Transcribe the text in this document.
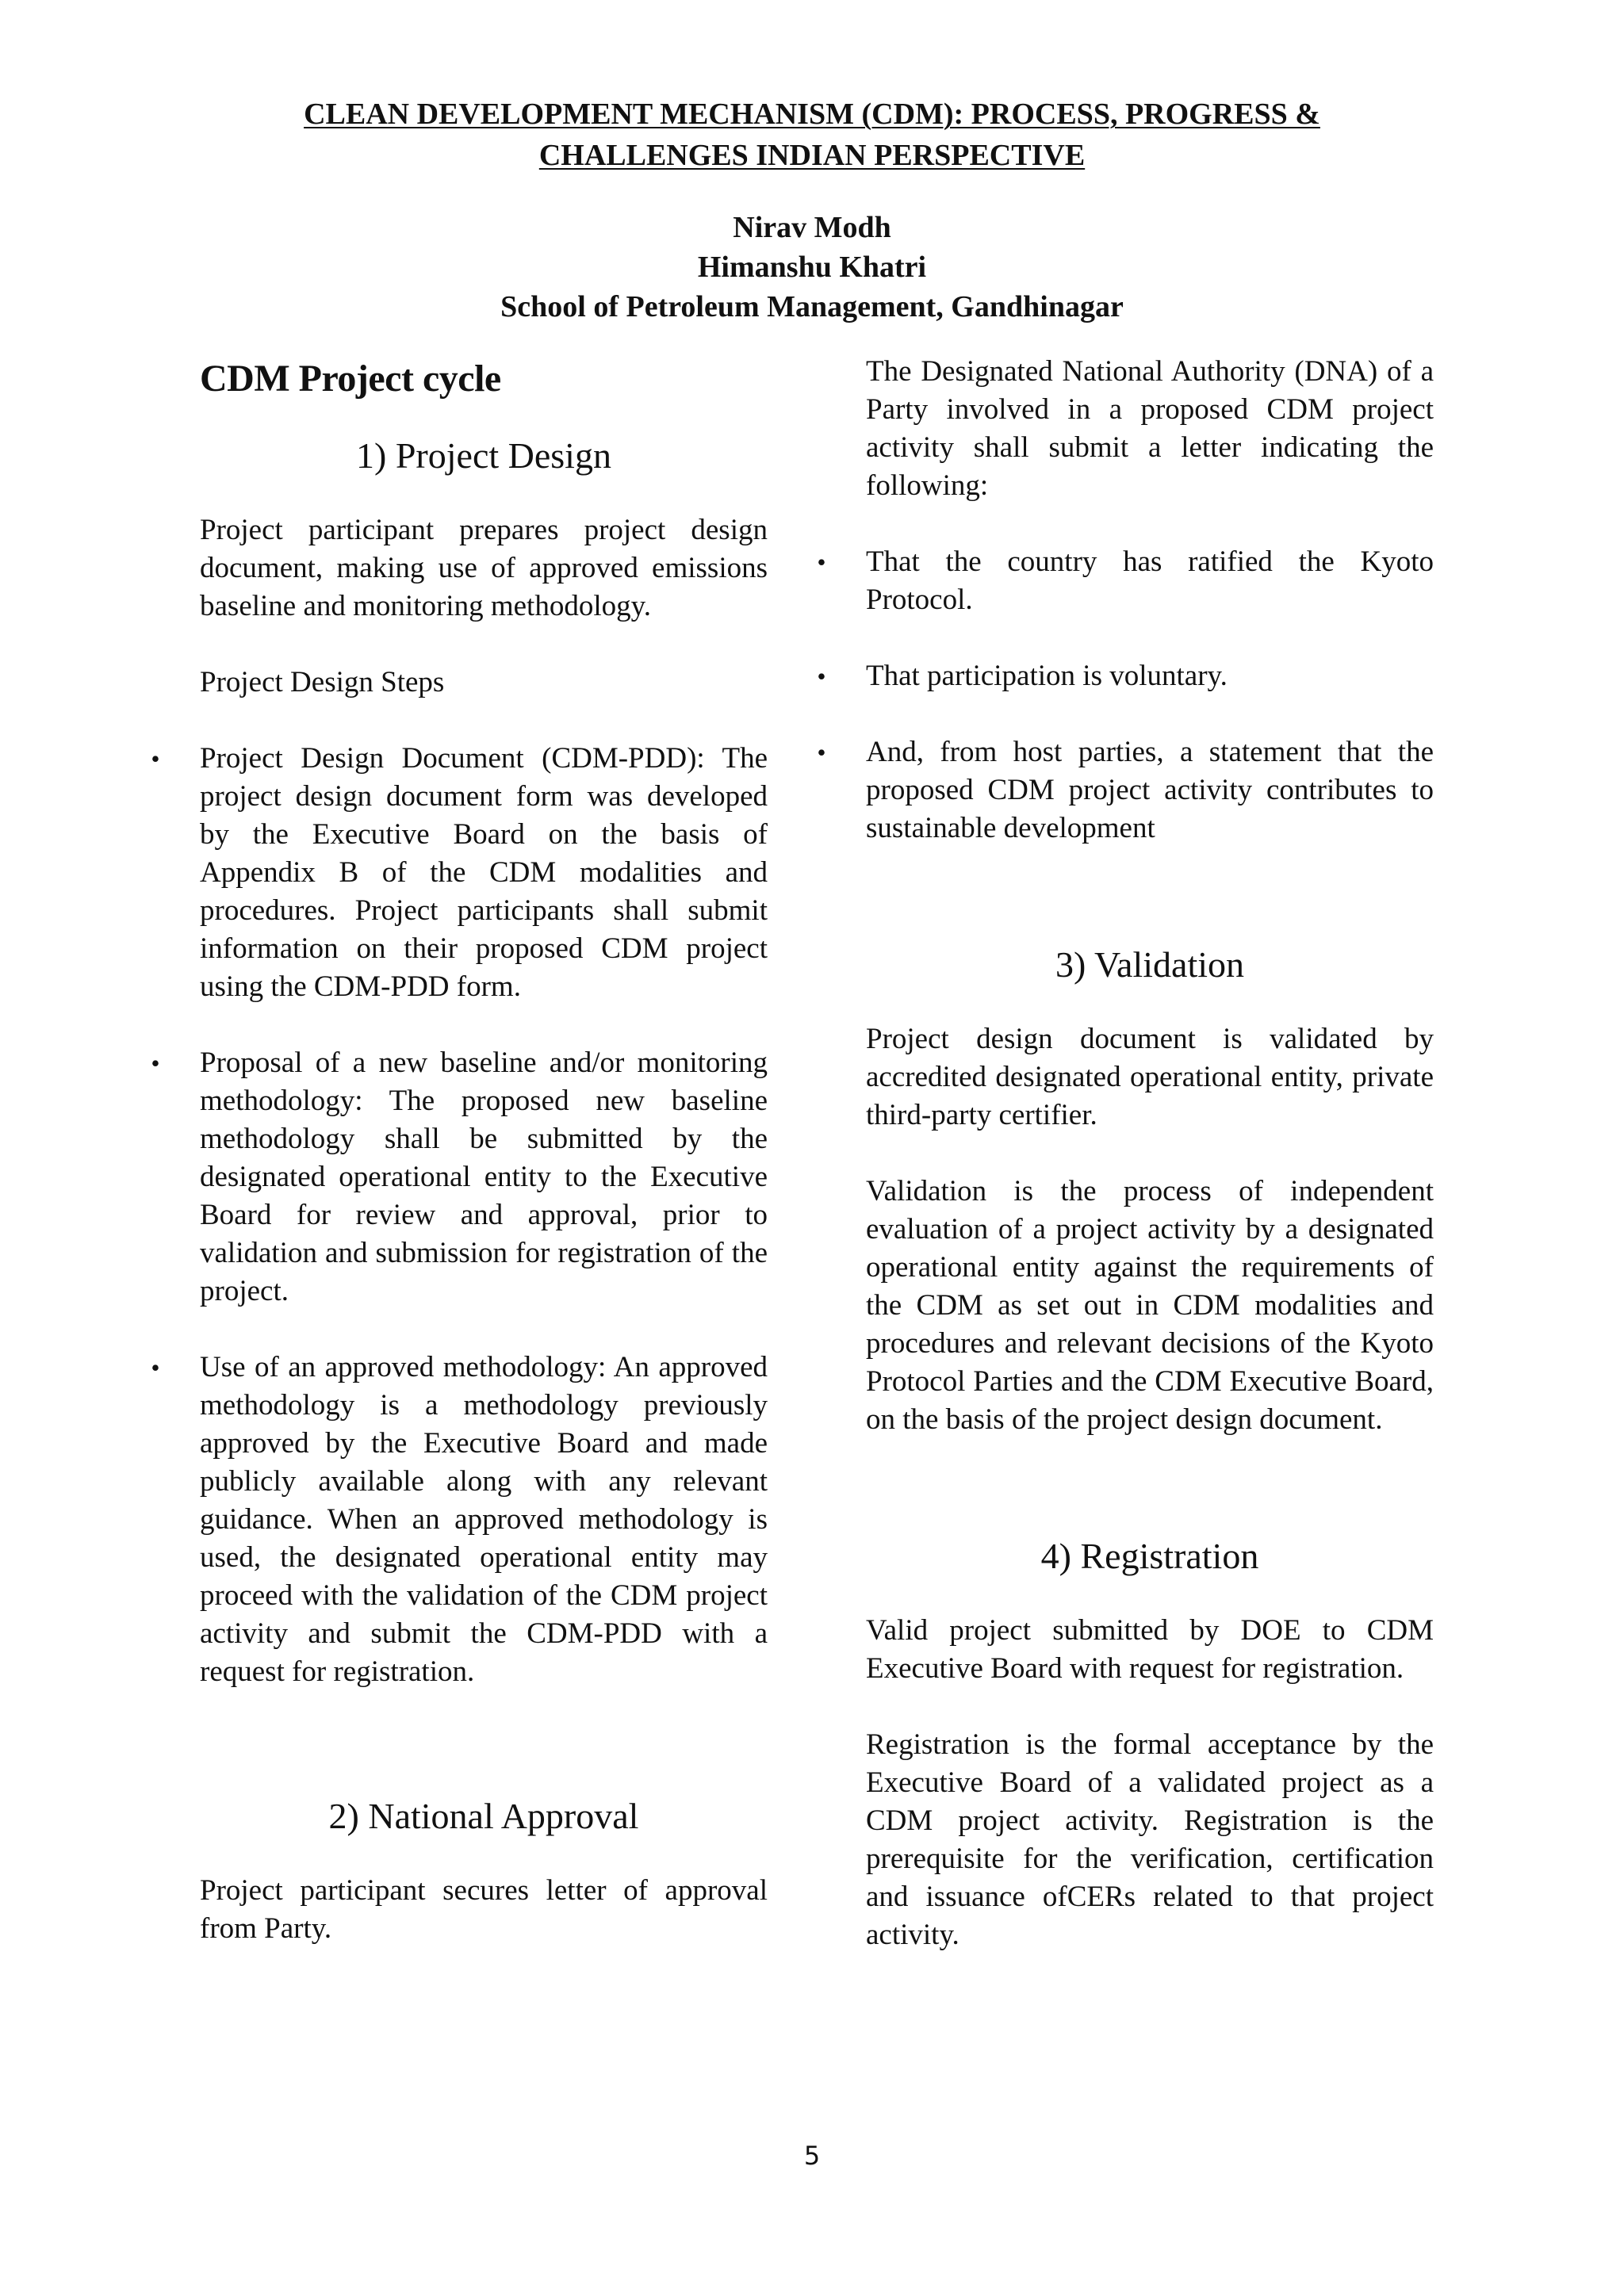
CLEAN DEVELOPMENT MECHANISM (CDM): PROCESS, PROGRESS &
CHALLENGES INDIAN PERSPECTIVE
Nirav Modh
Himanshu Khatri
School of Petroleum Management, Gandhinagar
CDM Project cycle
1) Project Design

Project participant prepares project design document, making use of approved emissions baseline and monitoring methodology.

Project Design Steps

• Project Design Document (CDM-PDD): The project design document form was developed by the Executive Board on the basis of Appendix B of the CDM modalities and procedures. Project participants shall submit information on their proposed CDM project using the CDM-PDD form.
• Proposal of a new baseline and/or monitoring methodology: The proposed new baseline methodology shall be submitted by the designated operational entity to the Executive Board for review and approval, prior to validation and submission for registration of the project.
• Use of an approved methodology: An approved methodology is a methodology previously approved by the Executive Board and made publicly available along with any relevant guidance. When an approved methodology is used, the designated operational entity may proceed with the validation of the CDM project activity and submit the CDM-PDD with a request for registration.
2) National Approval

Project participant secures letter of approval from Party.

The Designated National Authority (DNA) of a Party involved in a proposed CDM project activity shall submit a letter indicating the following:

• That the country has ratified the Kyoto Protocol.
• That participation is voluntary.
• And, from host parties, a statement that the proposed CDM project activity contributes to sustainable development
3) Validation

Project design document is validated by accredited designated operational entity, private third-party certifier.

Validation is the process of independent evaluation of a project activity by a designated operational entity against the requirements of the CDM as set out in CDM modalities and procedures and relevant decisions of the Kyoto Protocol Parties and the CDM Executive Board, on the basis of the project design document.

4) Registration

Valid project submitted by DOE to CDM Executive Board with request for registration.

Registration is the formal acceptance by the Executive Board of a validated project as a CDM project activity. Registration is the prerequisite for the verification, certification and issuance ofCERs related to that project activity.

5
